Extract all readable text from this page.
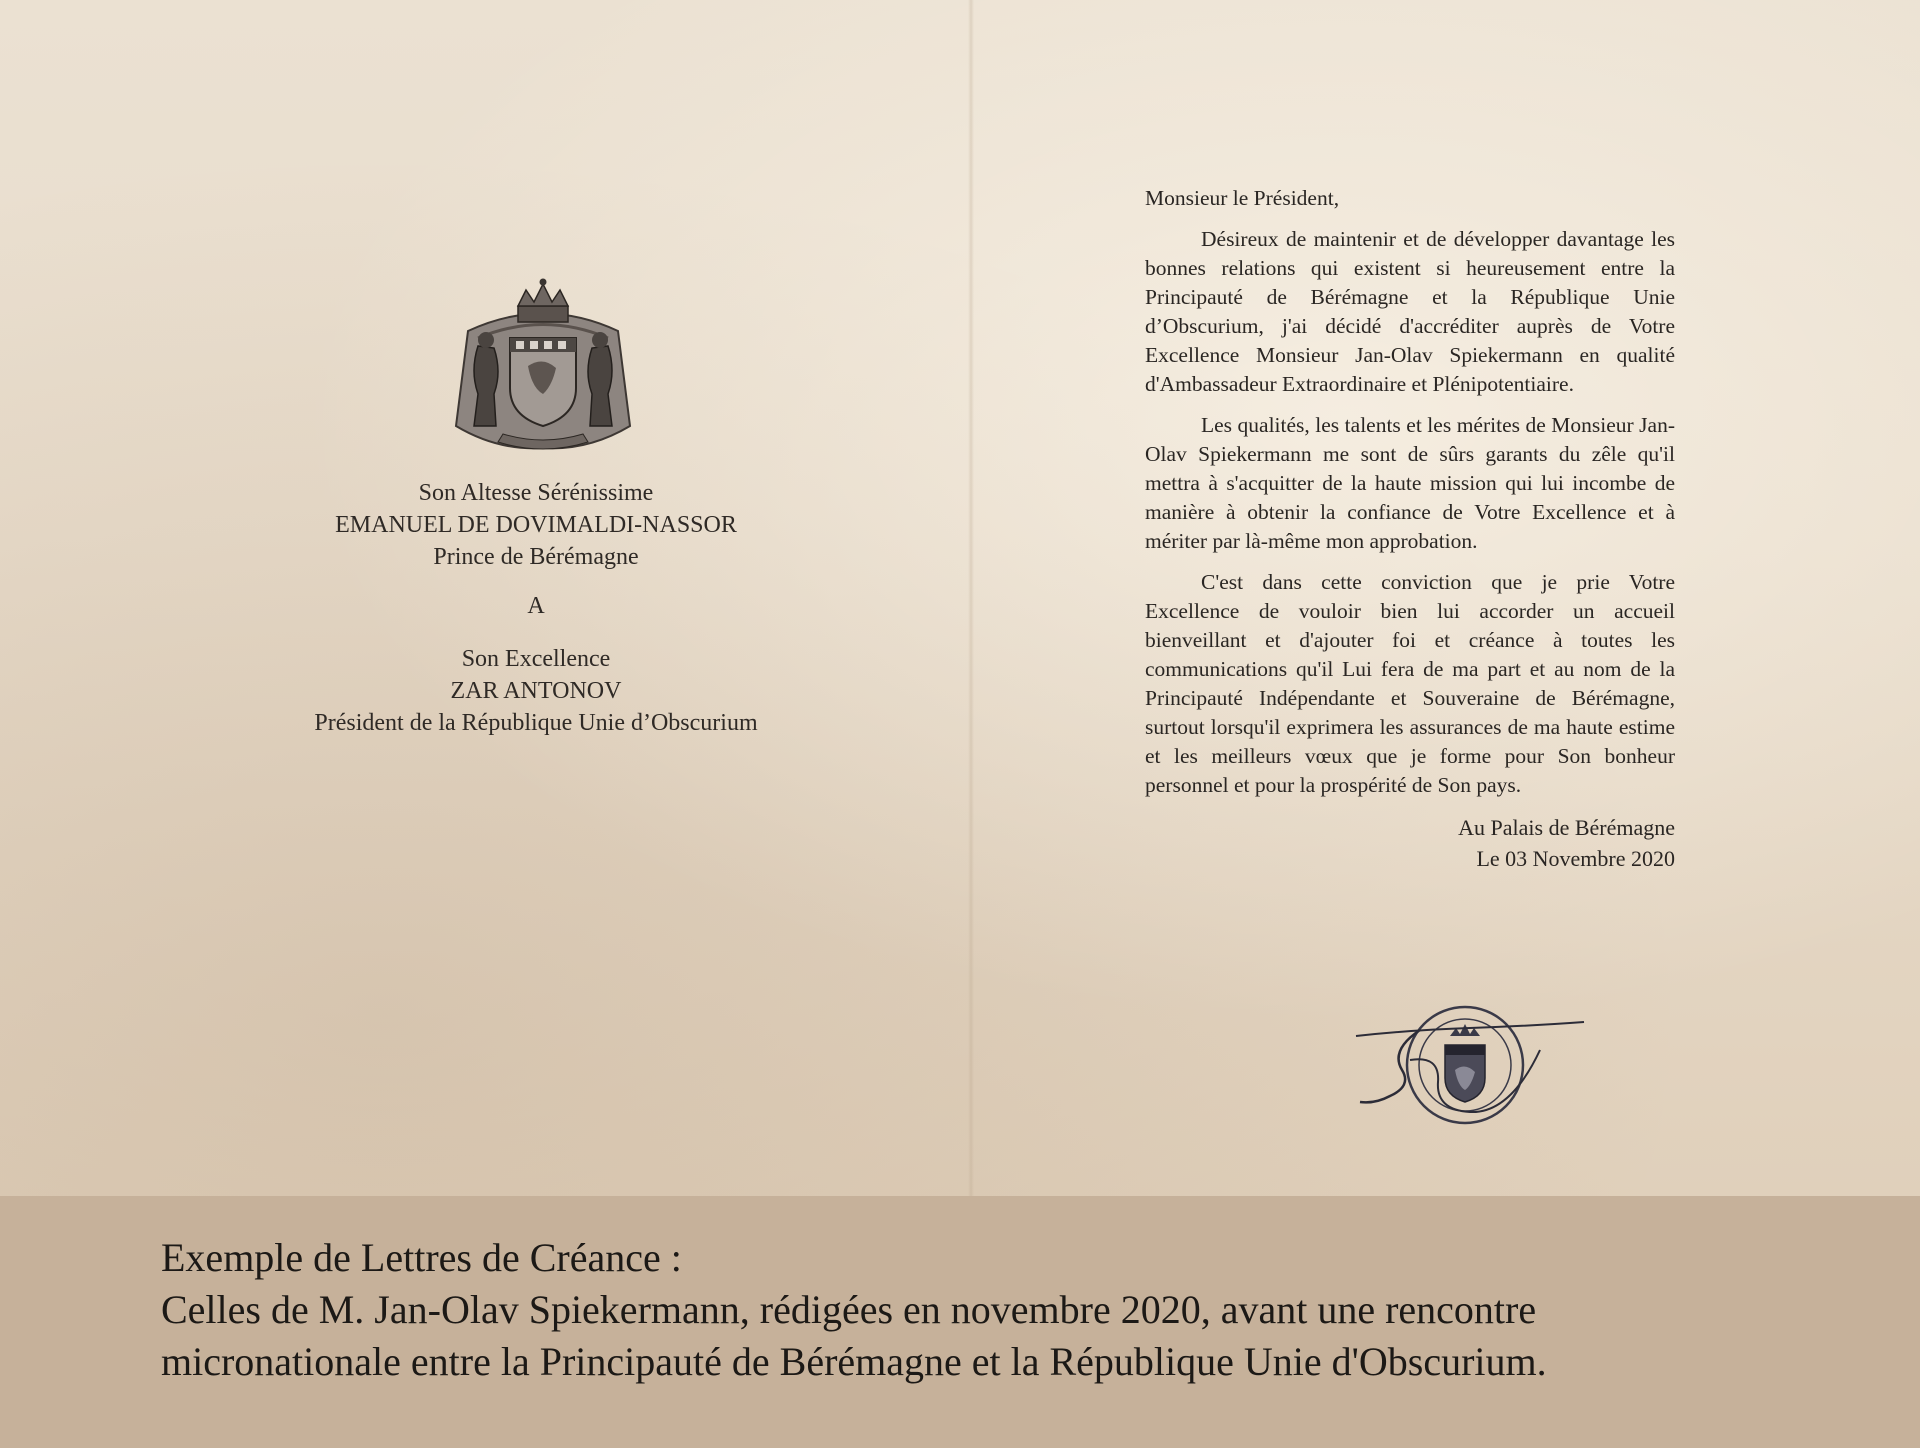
Son Altesse Sérénissime
EMANUEL DE DOVIMALDI-NASSOR
Prince de Bérémagne
A
Son Excellence
ZAR ANTONOV
Président de la République Unie d’Obscurium

Monsieur le Président,

Désireux de maintenir et de développer davantage les bonnes relations qui existent si heureusement entre la Principauté de Bérémagne et la République Unie d’Obscurium, j'ai décidé d'accréditer auprès de Votre Excellence Monsieur Jan-Olav Spiekermann en qualité d'Ambassadeur Extraordinaire et Plénipotentiaire.

Les qualités, les talents et les mérites de Monsieur Jan-Olav Spiekermann me sont de sûrs garants du zêle qu'il mettra à s'acquitter de la haute mission qui lui incombe de manière à obtenir la confiance de Votre Excellence et à mériter par là-même mon approbation.

C'est dans cette conviction que je prie Votre Excellence de vouloir bien lui accorder un accueil bienveillant et d'ajouter foi et créance à toutes les communications qu'il Lui fera de ma part et au nom de la Principauté Indépendante et Souveraine de Bérémagne, surtout lorsqu'il exprimera les assurances de ma haute estime et les meilleurs vœux que je forme pour Son bonheur personnel et pour la prospérité de Son pays.

Au Palais de Bérémagne
Le 03 Novembre 2020
Exemple de Lettres de Créance :
Celles de M. Jan-Olav Spiekermann, rédigées en novembre 2020, avant une rencontre
micronationale entre la Principauté de Bérémagne et la République Unie d'Obscurium.
